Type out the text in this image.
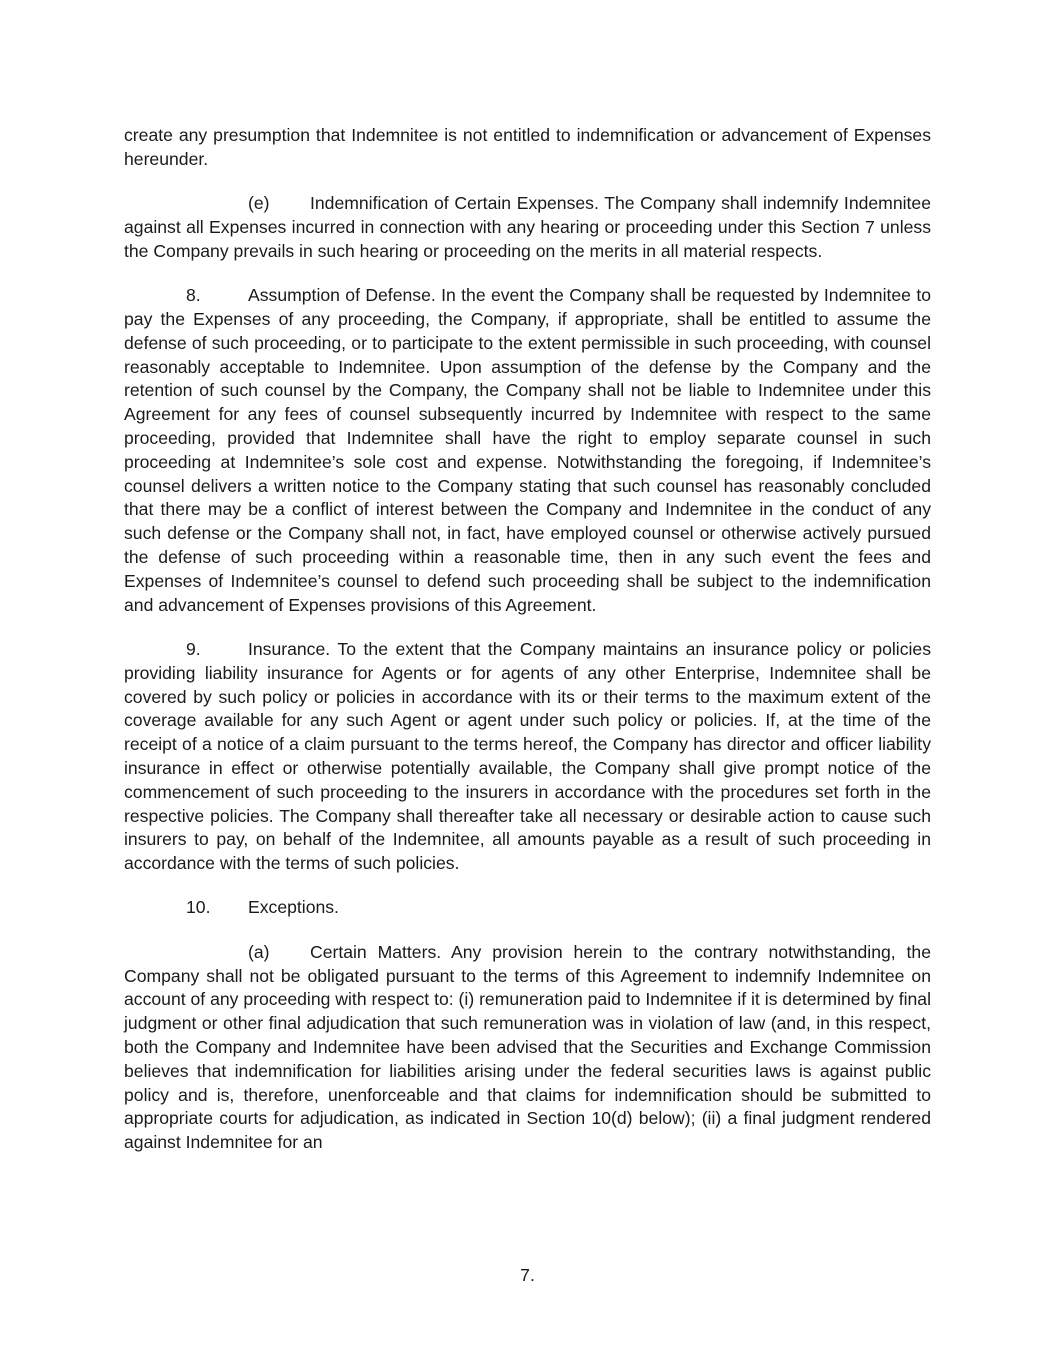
create any presumption that Indemnitee is not entitled to indemnification or advancement of Expenses hereunder.

(e) Indemnification of Certain Expenses. The Company shall indemnify Indemnitee against all Expenses incurred in connection with any hearing or proceeding under this Section 7 unless the Company prevails in such hearing or proceeding on the merits in all material respects.

8.	Assumption of Defense. In the event the Company shall be requested by Indemnitee to pay the Expenses of any proceeding, the Company, if appropriate, shall be entitled to assume the defense of such proceeding, or to participate to the extent permissible in such proceeding, with counsel reasonably acceptable to Indemnitee. Upon assumption of the defense by the Company and the retention of such counsel by the Company, the Company shall not be liable to Indemnitee under this Agreement for any fees of counsel subsequently incurred by Indemnitee with respect to the same proceeding, provided that Indemnitee shall have the right to employ separate counsel in such proceeding at Indemnitee’s sole cost and expense. Notwithstanding the foregoing, if Indemnitee’s counsel delivers a written notice to the Company stating that such counsel has reasonably concluded that there may be a conflict of interest between the Company and Indemnitee in the conduct of any such defense or the Company shall not, in fact, have employed counsel or otherwise actively pursued the defense of such proceeding within a reasonable time, then in any such event the fees and Expenses of Indemnitee’s counsel to defend such proceeding shall be subject to the indemnification and advancement of Expenses provisions of this Agreement.

9.	Insurance. To the extent that the Company maintains an insurance policy or policies providing liability insurance for Agents or for agents of any other Enterprise, Indemnitee shall be covered by such policy or policies in accordance with its or their terms to the maximum extent of the coverage available for any such Agent or agent under such policy or policies. If, at the time of the receipt of a notice of a claim pursuant to the terms hereof, the Company has director and officer liability insurance in effect or otherwise potentially available, the Company shall give prompt notice of the commencement of such proceeding to the insurers in accordance with the procedures set forth in the respective policies. The Company shall thereafter take all necessary or desirable action to cause such insurers to pay, on behalf of the Indemnitee, all amounts payable as a result of such proceeding in accordance with the terms of such policies.

10. Exceptions.

(a) Certain Matters. Any provision herein to the contrary notwithstanding, the Company shall not be obligated pursuant to the terms of this Agreement to indemnify Indemnitee on account of any proceeding with respect to: (i) remuneration paid to Indemnitee if it is determined by final judgment or other final adjudication that such remuneration was in violation of law (and, in this respect, both the Company and Indemnitee have been advised that the Securities and Exchange Commission believes that indemnification for liabilities arising under the federal securities laws is against public policy and is, therefore, unenforceable and that claims for indemnification should be submitted to appropriate courts for adjudication, as indicated in Section 10(d) below); (ii) a final judgment rendered against Indemnitee for an

7.
